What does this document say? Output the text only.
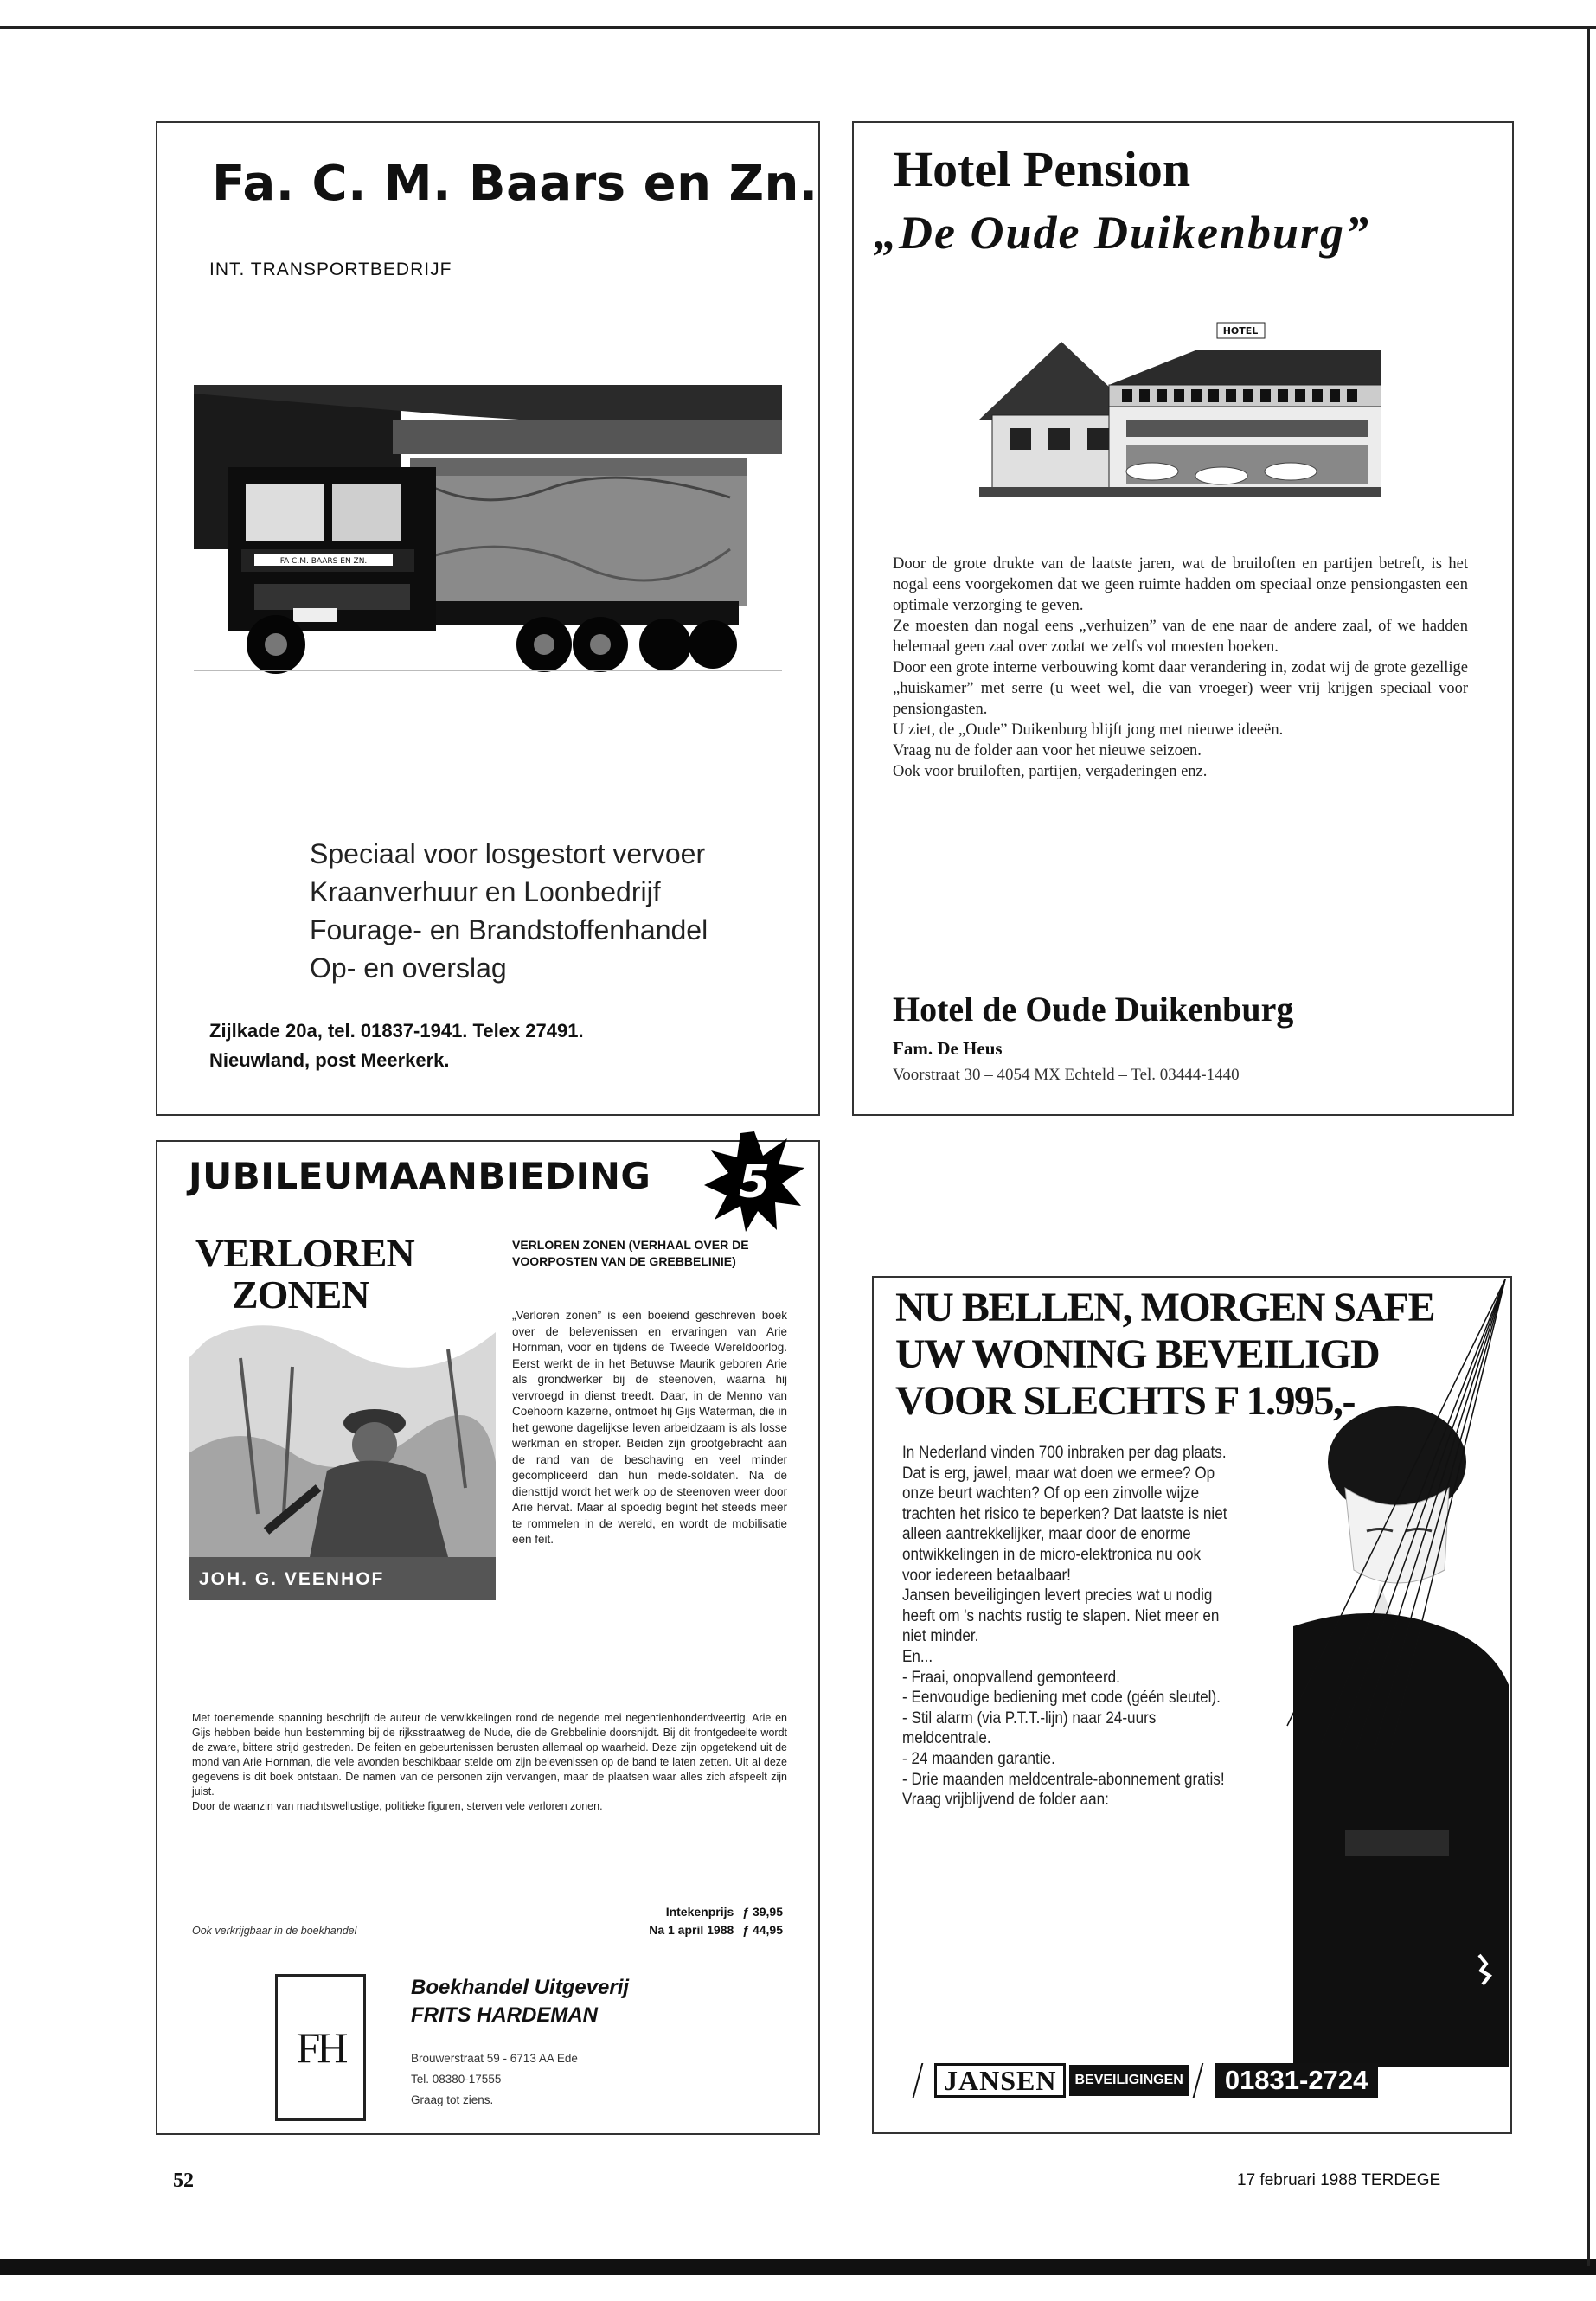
Fa. C. M. Baars en Zn.
INT. TRANSPORTBEDRIJF
FA C.M. BAARS EN ZN.
Speciaal voor losgestort vervoer
Kraanverhuur en Loonbedrijf
Fourage- en Brandstoffenhandel
Op- en overslag
Zijlkade 20a, tel. 01837-1941. Telex 27491.
Nieuwland, post Meerkerk.
Hotel Pension
„De Oude Duikenburg”
HOTEL

Door de grote drukte van de laatste jaren, wat de bruiloften en partijen betreft, is het nogal eens voorgekomen dat we geen ruimte hadden om speciaal onze pensiongasten een optimale verzorging te geven.

Ze moesten dan nogal eens „verhuizen” van de ene naar de andere zaal, of we hadden helemaal geen zaal over zodat we zelfs vol moesten boeken.

Door een grote interne verbouwing komt daar verandering in, zodat wij de grote gezellige „huiskamer” met serre (u weet wel, die van vroeger) weer vrij krijgen speciaal voor pensiongasten.

U ziet, de „Oude” Duikenburg blijft jong met nieuwe ideeën.

Vraag nu de folder aan voor het nieuwe seizoen.

Ook voor bruiloften, partijen, vergaderingen enz.

Hotel de Oude Duikenburg
Fam. De Heus
Voorstraat 30 – 4054 MX Echteld – Tel. 03444-1440
JUBILEUMAANBIEDING 5
VERLOREN
ZONEN
JOH. G. VEENHOF
VERLOREN ZONEN (VERHAAL OVER DE VOORPOSTEN VAN DE GREBBELINIE)
„Verloren zonen” is een boeiend geschreven boek over de belevenissen en ervaringen van Arie Hornman, voor en tijdens de Tweede Wereldoorlog. Eerst werkt de in het Betuwse Maurik geboren Arie als grondwerker bij de steenoven, waarna hij vervroegd in dienst treedt. Daar, in de Menno van Coehoorn kazerne, ontmoet hij Gijs Waterman, die in het gewone dagelijkse leven arbeidzaam is als losse werkman en stroper. Beiden zijn grootgebracht aan de rand van de beschaving en veel minder gecompliceerd dan hun mede-soldaten. Na de diensttijd wordt het werk op de steenoven weer door Arie hervat. Maar al spoedig begint het steeds meer te rommelen in de wereld, en wordt de mobilisatie een feit.

Met toenemende spanning beschrijft de auteur de verwikkelingen rond de negende mei negentienhonderdveertig. Arie en Gijs hebben beide hun bestemming bij de rijksstraatweg de Nude, die de Grebbelinie doorsnijdt. Bij dit frontgedeelte wordt de zware, bittere strijd gestreden. De feiten en gebeurtenissen berusten allemaal op waarheid. Deze zijn opgetekend uit de mond van Arie Hornman, die vele avonden beschikbaar stelde om zijn belevenissen op de band te laten zetten. Uit al deze gegevens is dit boek ontstaan. De namen van de personen zijn vervangen, maar de plaatsen waar alles zich afspeelt zijn juist.

Door de waanzin van machtswellustige, politieke figuren, sterven vele verloren zonen.

Intekenprijs ƒ 39,95
Na 1 april 1988 ƒ 44,95
Ook verkrijgbaar in de boekhandel
FH
Boekhandel Uitgeverij
FRITS HARDEMAN
Brouwerstraat 59 - 6713 AA Ede
Tel. 08380-17555
Graag tot ziens.
NU BELLEN, MORGEN SAFE
UW WONING BEVEILIGD
VOOR SLECHTS F 1.995,-

In Nederland vinden 700 inbraken per dag plaats. Dat is erg, jawel, maar wat doen we ermee? Op onze beurt wachten? Of op een zinvolle wijze trachten het risico te beperken? Dat laatste is niet alleen aantrekkelijker, maar door de enorme ontwikkelingen in de micro-elektronica nu ook voor iedereen betaalbaar!

Jansen beveiligingen levert precies wat u nodig heeft om 's nachts rustig te slapen. Niet meer en niet minder.

En...

- Fraai, onopvallend gemonteerd.

- Eenvoudige bediening met code (géén sleutel).

- Stil alarm (via P.T.T.-lijn) naar 24-uurs meldcentrale.

- 24 maanden garantie.

- Drie maanden meldcentrale-abonnement gratis!

Vraag vrijblijvend de folder aan:

JANSEN	BEVEILIGINGEN	01831-2724
52	17 februari 1988 TERDEGE
